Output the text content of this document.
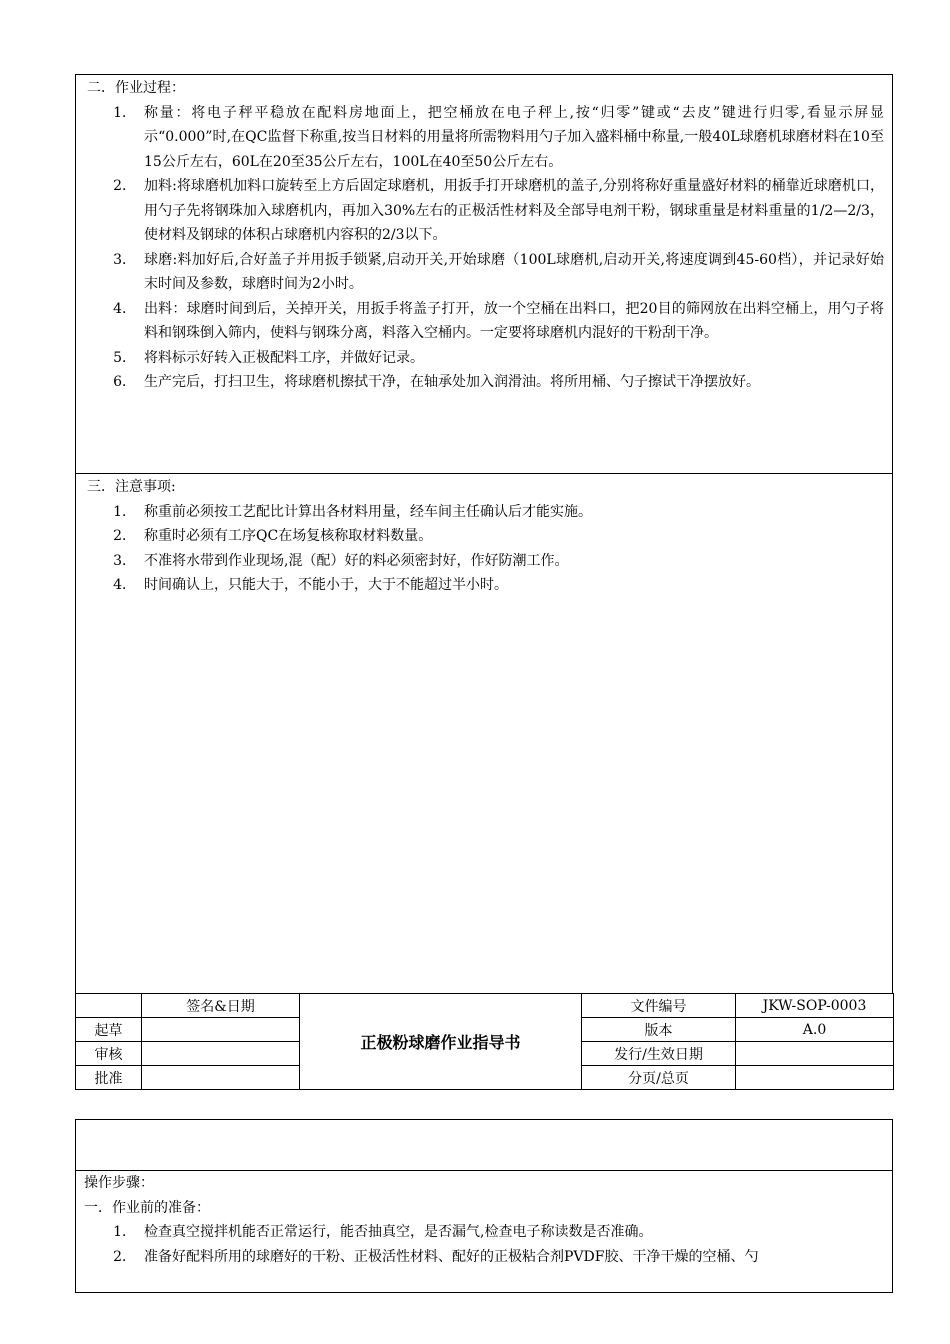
二．作业过程：
1． 称量：将电子秤平稳放在配料房地面上，把空桶放在电子秤上,按“归零”键或“去皮”键进行归零,看显示屏显示“0.000”时,在QC监督下称重,按当日材料的用量将所需物料用勺子加入盛料桶中称量,一般40L球磨机球磨材料在10至15公斤左右，60L在20至35公斤左右，100L在40至50公斤左右。
2． 加料:将球磨机加料口旋转至上方后固定球磨机，用扳手打开球磨机的盖子,分别将称好重量盛好材料的桶靠近球磨机口，用勺子先将钢珠加入球磨机内，再加入30%左右的正极活性材料及全部导电剂干粉，钢球重量是材料重量的1/2—2/3，使材料及钢球的体积占球磨机内容积的2/3以下。
3． 球磨:料加好后,合好盖子并用扳手锁紧,启动开关,开始球磨（100L球磨机,启动开关,将速度调到45-60档），并记录好始末时间及参数，球磨时间为2小时。
4． 出料：球磨时间到后，关掉开关，用扳手将盖子打开，放一个空桶在出料口，把20目的筛网放在出料空桶上，用勺子将料和钢珠倒入筛内，使料与钢珠分离，料落入空桶内。一定要将球磨机内混好的干粉刮干净。
5． 将料标示好转入正极配料工序，并做好记录。
6． 生产完后，打扫卫生，将球磨机擦拭干净，在轴承处加入润滑油。将所用桶、勺子擦试干净摆放好。
三．注意事项:
1． 称重前必须按工艺配比计算出各材料用量，经车间主任确认后才能实施。
2． 称重时必须有工序QC在场复核称取材料数量。
3． 不准将水带到作业现场,混（配）好的料必须密封好，作好防潮工作。
4． 时间确认上，只能大于，不能小于，大于不能超过半小时。
	签名&日期	正极粉球磨作业指导书	文件编号	JKW-SOP-0003
起草			版本	A.0
审核			发行/生效日期	
批准			分页/总页	
操作步骤：
一．作业前的准备：
1． 检查真空搅拌机能否正常运行，能否抽真空，是否漏气,检查电子称读数是否准确。
2． 准备好配料所用的球磨好的干粉、正极活性材料、配好的正极粘合剂PVDF胶、干净干燥的空桶、勺
